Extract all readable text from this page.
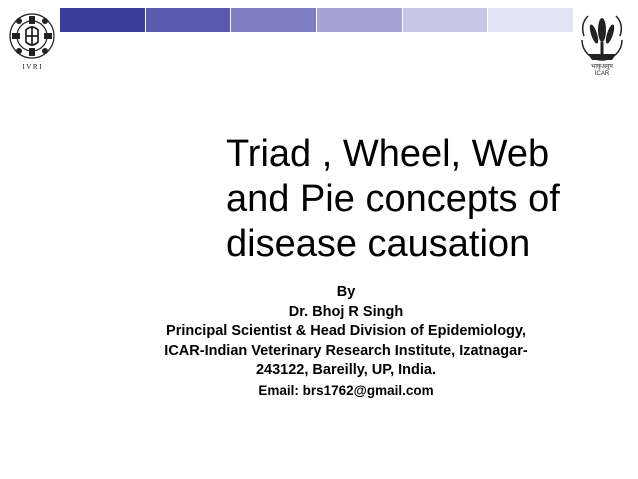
I V R I	भाकृअनुप
ICAR
Triad , Wheel, Web
and Pie concepts of
disease causation
By
Dr. Bhoj R Singh
Principal Scientist & Head Division of Epidemiology,
ICAR-Indian Veterinary Research Institute, Izatnagar-
243122, Bareilly, UP, India.
Email: brs1762@gmail.com
